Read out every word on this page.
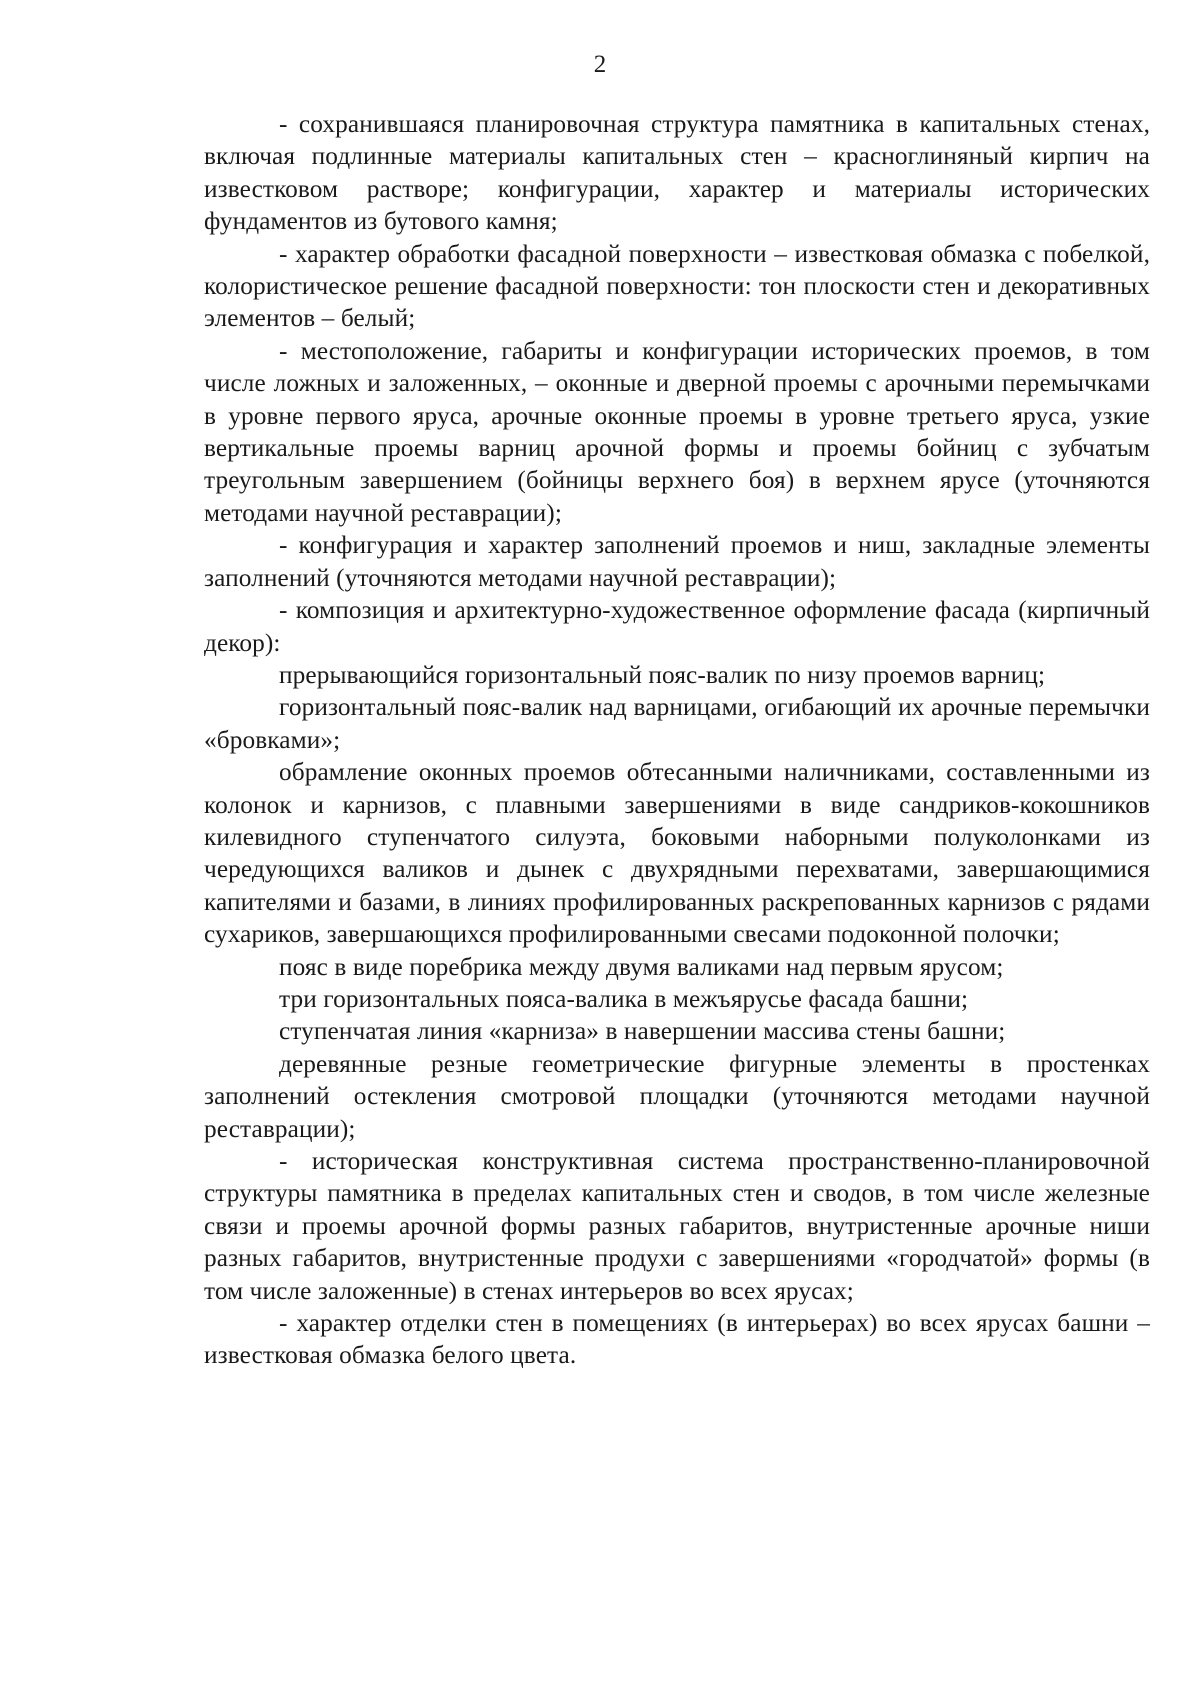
2

- сохранившаяся планировочная структура памятника в капитальных стенах, включая подлинные материалы капитальных стен – красноглиняный кирпич на известковом растворе; конфигурации, характер и материалы исторических фундаментов из бутового камня;

- характер обработки фасадной поверхности – известковая обмазка с побелкой, колористическое решение фасадной поверхности: тон плоскости стен и декоративных элементов – белый;

- местоположение, габариты и конфигурации исторических проемов, в том числе ложных и заложенных, – оконные и дверной проемы с арочными перемычками в уровне первого яруса, арочные оконные проемы в уровне третьего яруса, узкие вертикальные проемы варниц арочной формы и проемы бойниц с зубчатым треугольным завершением (бойницы верхнего боя) в верхнем ярусе (уточняются методами научной реставрации);

- конфигурация и характер заполнений проемов и ниш, закладные элементы заполнений (уточняются методами научной реставрации);

- композиция и архитектурно-художественное оформление фасада (кирпичный декор):

прерывающийся горизонтальный пояс-валик по низу проемов варниц;

горизонтальный пояс-валик над варницами, огибающий их арочные перемычки «бровками»;

обрамление оконных проемов обтесанными наличниками, составленными из колонок и карнизов, с плавными завершениями в виде сандриков-кокошников килевидного ступенчатого силуэта, боковыми наборными полуколонками из чередующихся валиков и дынек с двухрядными перехватами, завершающимися капителями и базами, в линиях профилированных раскрепованных карнизов с рядами сухариков, завершающихся профилированными свесами подоконной полочки;

пояс в виде поребрика между двумя валиками над первым ярусом;

три горизонтальных пояса-валика в межъярусье фасада башни;

ступенчатая линия «карниза» в навершении массива стены башни;

деревянные резные геометрические фигурные элементы в простенках заполнений остекления смотровой площадки (уточняются методами научной реставрации);

- историческая конструктивная система пространственно-планировочной структуры памятника в пределах капитальных стен и сводов, в том числе железные связи и проемы арочной формы разных габаритов, внутристенные арочные ниши разных габаритов, внутристенные продухи с завершениями «городчатой» формы (в том числе заложенные) в стенах интерьеров во всех ярусах;

- характер отделки стен в помещениях (в интерьерах) во всех ярусах башни – известковая обмазка белого цвета.
